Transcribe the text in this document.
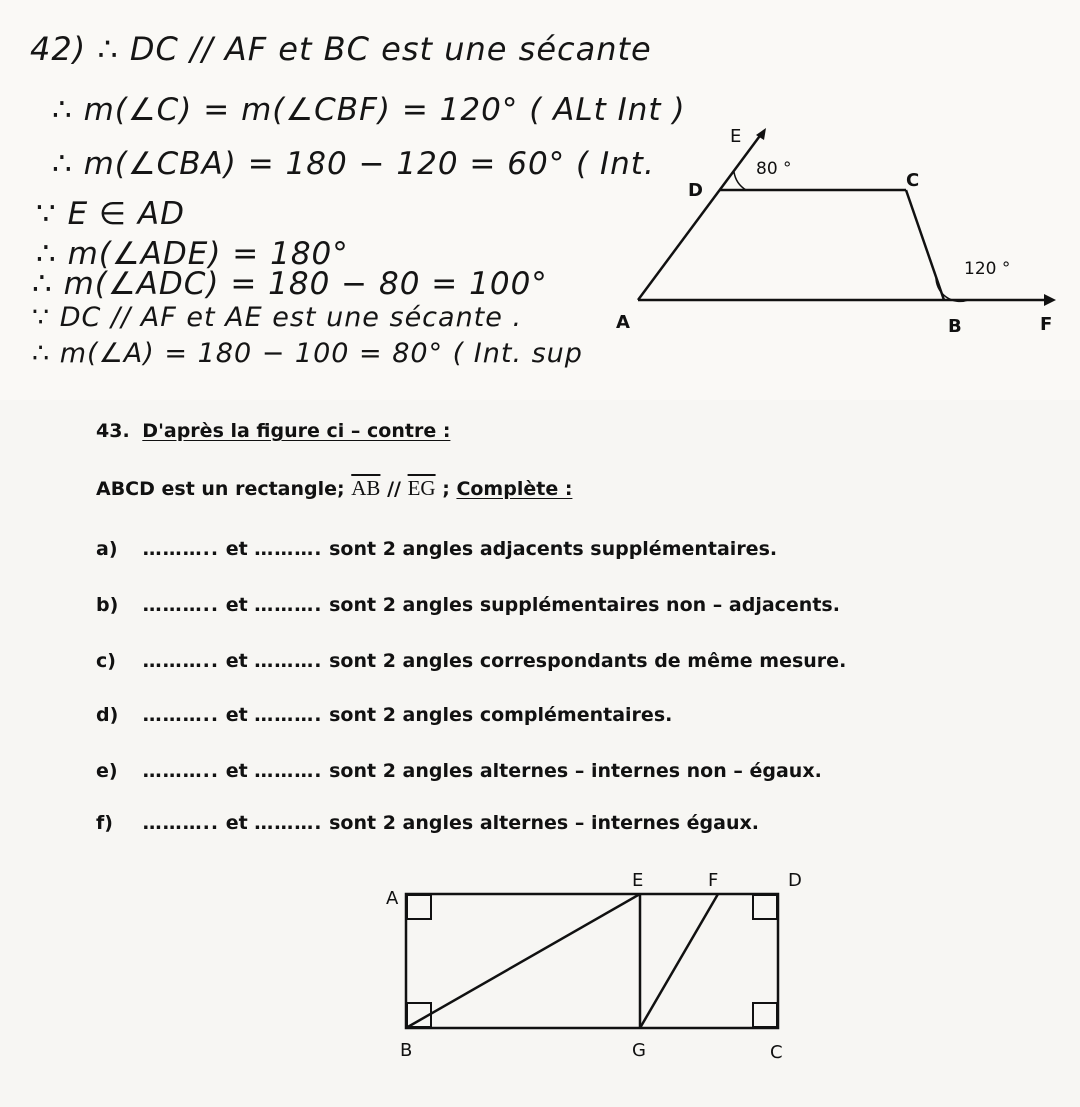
42) ∴ DC // AF et BC est une sécante
∴ m(∠C) = m(∠CBF) = 120° ( ALt Int )
∴ m(∠CBA) = 180 − 120 = 60° ( Int.
∵ E ∈ AD
∴ m(∠ADE) = 180°
∴ m(∠ADC) = 180 − 80 = 100°
∵ DC // AF et AE est une sécante .
∴ m(∠A) = 180 − 100 = 80° ( Int. sup
E
D	C
A	B	F
80 °
120 °
43. D'après la figure ci – contre :
ABCD est un rectangle; $\overline{AB} // \overline{EG}$ ; Complète :
a) ……….. et ………. sont 2 angles adjacents supplémentaires.
b) ……….. et ………. sont 2 angles supplémentaires non – adjacents.
c) ……….. et ………. sont 2 angles correspondants de même mesure.
d) ……….. et ………. sont 2 angles complémentaires.
e) ……….. et ………. sont 2 angles alternes – internes non – égaux.
f) ……….. et ………. sont 2 angles alternes – internes égaux.
A
E	F	D
B	G	C
